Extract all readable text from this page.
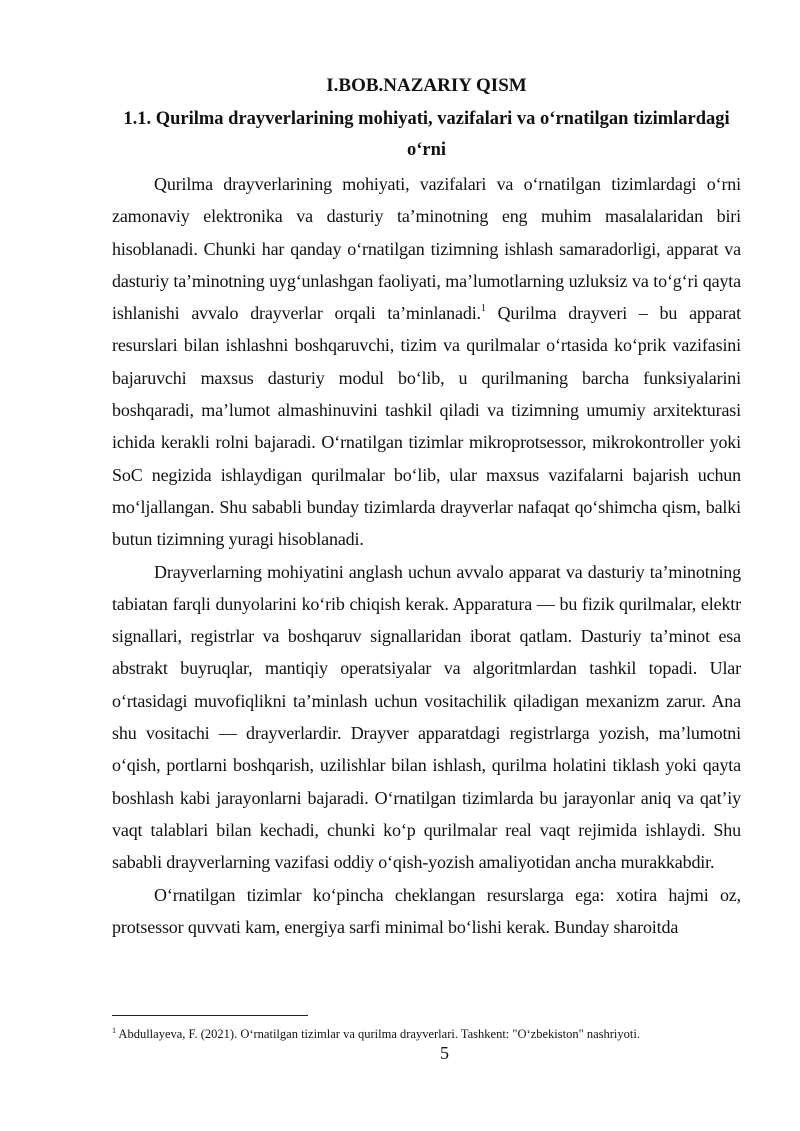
I.BOB.NAZARIY QISM
1.1. Qurilma drayverlarining mohiyati, vazifalari va o‘rnatilgan tizimlardagi o‘rni

Qurilma drayverlarining mohiyati, vazifalari va o‘rnatilgan tizimlardagi o‘rni zamonaviy elektronika va dasturiy ta’minotning eng muhim masalalaridan biri hisoblanadi. Chunki har qanday o‘rnatilgan tizimning ishlash samaradorligi, apparat va dasturiy ta’minotning uyg‘unlashgan faoliyati, ma’lumotlarning uzluksiz va to‘g‘ri qayta ishlanishi avvalo drayverlar orqali ta’minlanadi.$^1$ Qurilma drayveri – bu apparat resurslari bilan ishlashni boshqaruvchi, tizim va qurilmalar o‘rtasida ko‘prik vazifasini bajaruvchi maxsus dasturiy modul bo‘lib, u qurilmaning barcha funksiyalarini boshqaradi, ma’lumot almashinuvini tashkil qiladi va tizimning umumiy arxitekturasi ichida kerakli rolni bajaradi. O‘rnatilgan tizimlar mikroprotsessor, mikrokontroller yoki SoC negizida ishlaydigan qurilmalar bo‘lib, ular maxsus vazifalarni bajarish uchun mo‘ljallangan. Shu sababli bunday tizimlarda drayverlar nafaqat qo‘shimcha qism, balki butun tizimning yuragi hisoblanadi.

Drayverlarning mohiyatini anglash uchun avvalo apparat va dasturiy ta’minotning tabiatan farqli dunyolarini ko‘rib chiqish kerak. Apparatura — bu fizik qurilmalar, elektr signallari, registrlar va boshqaruv signallaridan iborat qatlam. Dasturiy ta’minot esa abstrakt buyruqlar, mantiqiy operatsiyalar va algoritmlardan tashkil topadi. Ular o‘rtasidagi muvofiqlikni ta’minlash uchun vositachilik qiladigan mexanizm zarur. Ana shu vositachi — drayverlardir. Drayver apparatdagi registrlarga yozish, ma’lumotni o‘qish, portlarni boshqarish, uzilishlar bilan ishlash, qurilma holatini tiklash yoki qayta boshlash kabi jarayonlarni bajaradi. O‘rnatilgan tizimlarda bu jarayonlar aniq va qat’iy vaqt talablari bilan kechadi, chunki ko‘p qurilmalar real vaqt rejimida ishlaydi. Shu sababli drayverlarning vazifasi oddiy o‘qish-yozish amaliyotidan ancha murakkabdir.

O‘rnatilgan tizimlar ko‘pincha cheklangan resurslarga ega: xotira hajmi oz, protsessor quvvati kam, energiya sarfi minimal bo‘lishi kerak. Bunday sharoitda

$^1$ Abdullayeva, F. (2021). O‘rnatilgan tizimlar va qurilma drayverlari. Tashkent: "O‘zbekiston" nashriyoti.

5
